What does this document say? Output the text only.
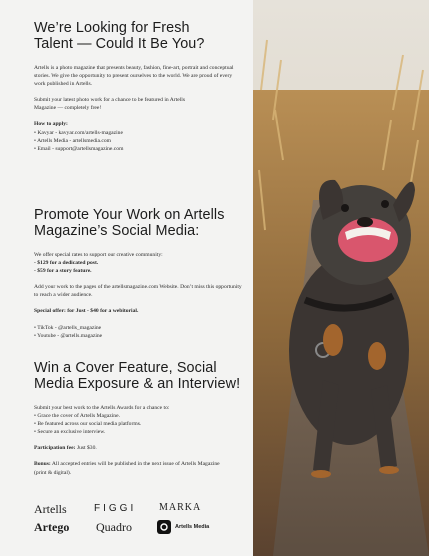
We’re Looking for Fresh Talent — Could It Be You?

Artells is a photo magazine that presents beauty, fashion, fine-art, portrait and conceptual stories. We give the opportunity to present ourselves to the world. We are proud of every work published in Artells.

Submit your latest photo work for a chance to be featured in Artells Magazine — completely free!

How to apply:

• Kavyar - kavyar.com/artells-magazine
• Artells Media - artellsmedia.com
• Email - support@artellsmagazine.com
Promote Your Work on Artells Magazine’s Social Media:

We offer special rates to support our creative community:

- $129 for a dedicated post.

- $59 for a story feature.

Add your work to the pages of the artellsmagazine.com Website. Don’t miss this opportunity to reach a wider audience.

Special offer: for Just - $40 for a webitorial.

• TikTok - @artells_magazine
• Youtube - @artells.magazine
Win a Cover Feature, Social Media Exposure & an Interview!

Submit your best work to the Artells Awards for a chance to:

• Grace the cover of Artells Magazine.
• Be featured across our social media platforms.
• Secure an exclusive interview.

Participation fee: Just $30.

Bonus: All accepted entries will be published in the next issue of Artells Magazine (print & digital).

Artells	FIGGI MARKA
Artego Quadro	Artells Media
